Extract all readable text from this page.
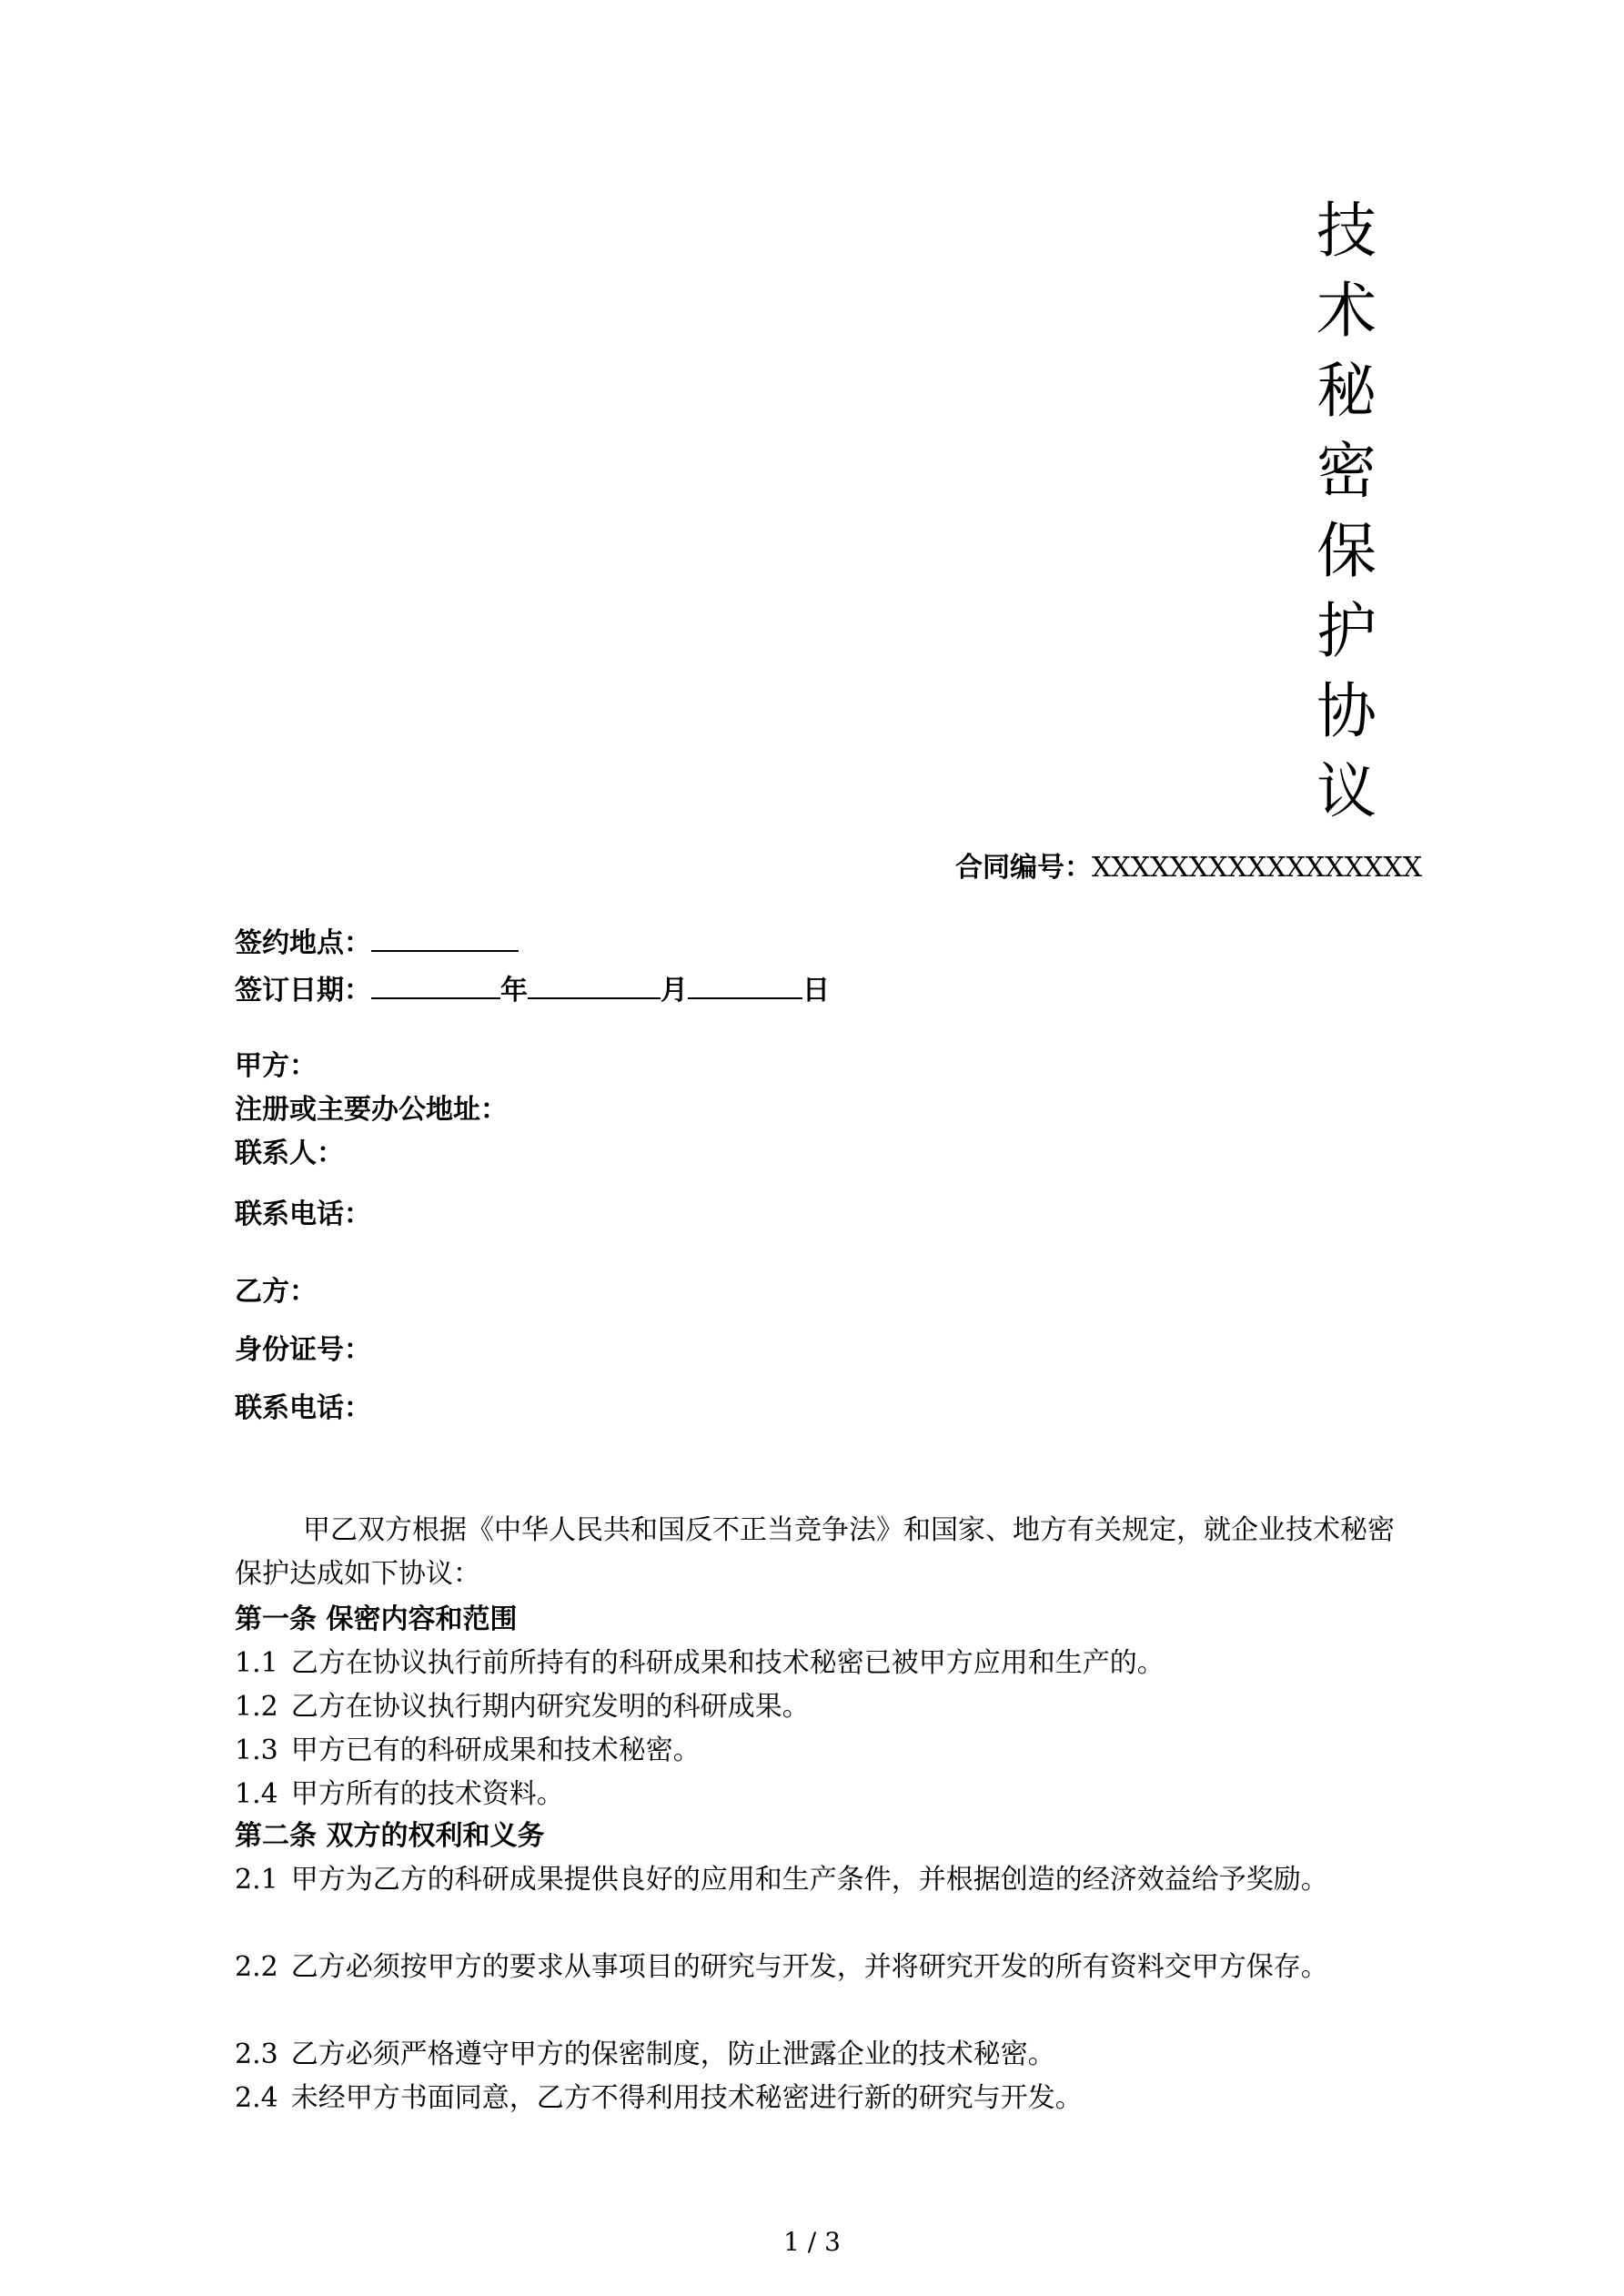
技
术
秘
密
保
护
协
议
合同编号：XXXXXXXXXXXXXXXXX
签约地点：
签订日期：	年	月	日
甲方：
注册或主要办公地址：
联系人：
联系电话：
乙方：
身份证号：
联系电话：
甲乙双方根据《中华人民共和国反不正当竞争法》和国家、地方有关规定，就企业技术秘密保护达成如下协议：
第一条 保密内容和范围
1.1 乙方在协议执行前所持有的科研成果和技术秘密已被甲方应用和生产的。
1.2 乙方在协议执行期内研究发明的科研成果。
1.3 甲方已有的科研成果和技术秘密。
1.4 甲方所有的技术资料。
第二条 双方的权利和义务
2.1 甲方为乙方的科研成果提供良好的应用和生产条件，并根据创造的经济效益给予奖励。
2.2 乙方必须按甲方的要求从事项目的研究与开发，并将研究开发的所有资料交甲方保存。
2.3 乙方必须严格遵守甲方的保密制度，防止泄露企业的技术秘密。
2.4 未经甲方书面同意，乙方不得利用技术秘密进行新的研究与开发。
1 / 3
